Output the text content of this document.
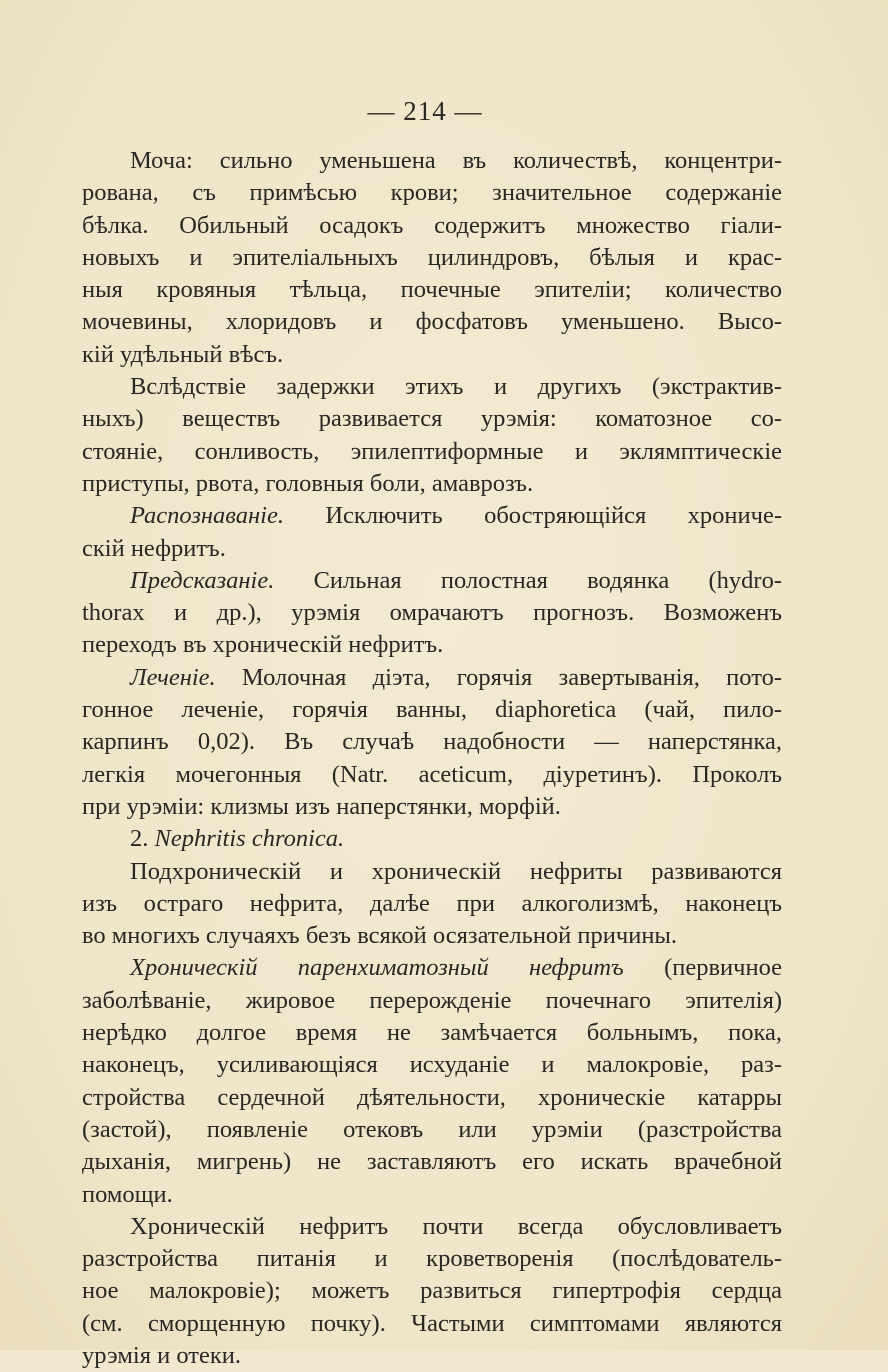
— 214 —
Моча: сильно уменьшена въ количествѣ, концентри-
рована, съ примѣсью крови; значительное содержаніе
бѣлка. Обильный осадокъ содержитъ множество гіали-
новыхъ и эпителіальныхъ цилиндровъ, бѣлыя и крас-
ныя кровяныя тѣльца, почечные эпителіи; количество
мочевины, хлоридовъ и фосфатовъ уменьшено. Высо-
кій удѣльный вѣсъ.
Вслѣдствіе задержки этихъ и другихъ (экстрактив-
ныхъ) веществъ развивается урэмія: коматозное со-
стояніе, сонливость, эпилептиформные и эклямптическіе
приступы, рвота, головныя боли, амаврозъ.
Распознаваніе. Исключить обостряющійся хрониче-
скій нефритъ.
Предсказаніе. Сильная полостная водянка (hydro-
thorax и др.), урэмія омрачаютъ прогнозъ. Возможенъ
переходъ въ хроническій нефритъ.
Леченіе. Молочная діэта, горячія завертыванія, пото-
гонное леченіе, горячія ванны, diaphoretica (чай, пило-
карпинъ 0,02). Въ случаѣ надобности — наперстянка,
легкія мочегонныя (Natr. aceticum, діуретинъ). Проколъ
при урэміи: клизмы изъ наперстянки, морфій.
2. Nephritis chronica.
Подхроническій и хроническій нефриты развиваются
изъ остраго нефрита, далѣе при алкоголизмѣ, наконецъ
во многихъ случаяхъ безъ всякой осязательной причины.
Хроническій паренхиматозный нефритъ (первичное
заболѣваніе, жировое перерожденіе почечнаго эпителія)
нерѣдко долгое время не замѣчается больнымъ, пока,
наконецъ, усиливающіяся исхуданіе и малокровіе, раз-
стройства сердечной дѣятельности, хроническіе катарры
(застой), появленіе отековъ или урэміи (разстройства
дыханія, мигрень) не заставляютъ его искать врачебной
помощи.
Хроническій нефритъ почти всегда обусловливаетъ
разстройства питанія и кроветворенія (послѣдователь-
ное малокровіе); можетъ развиться гипертрофія сердца
(см. сморщенную почку). Частыми симптомами являются
урэмія и отеки.
